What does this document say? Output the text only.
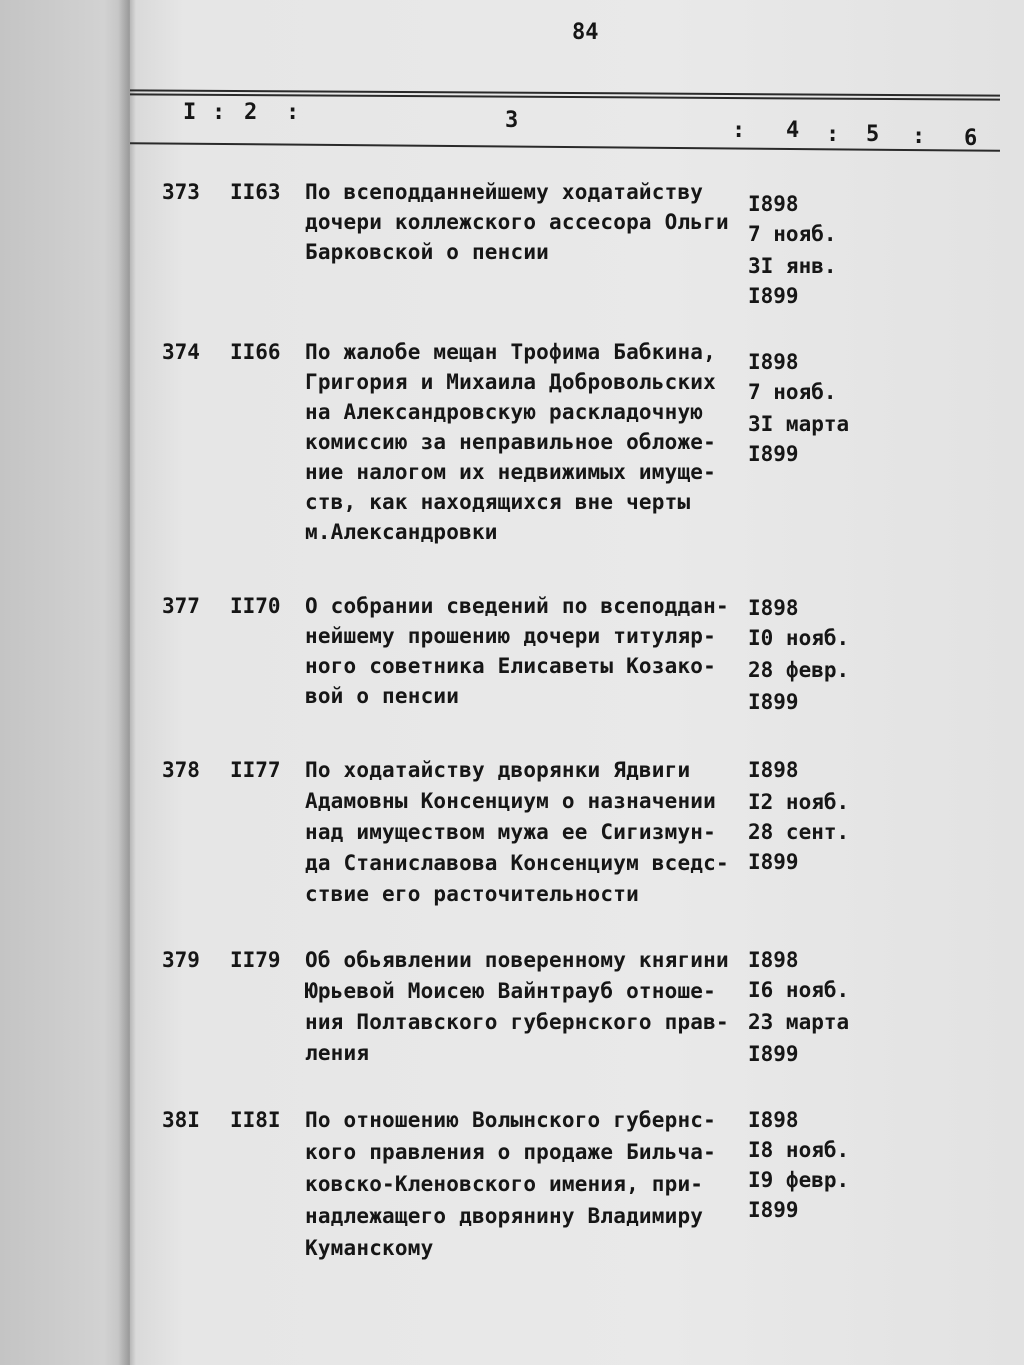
84
I : 2 :	3	: 4 : 5 : 6
373 II63 По всеподданнейшему ходатайству
дочери коллежского ассесора Ольги
Барковской о пенсии
I898
7 нояб.
3I янв.
I899
374 II66 По жалобе мещан Трофима Бабкина,
Григория и Михаила Добровольских
на Александровскую раскладочную
комиссию за неправильное обложе-
ние налогом их недвижимых имуще-
ств, как находящихся вне черты
м.Александровки
I898
7 нояб.
3I марта
I899
377 II70 О собрании сведений по всеподдан-
нейшему прошению дочери титуляр-
ного советника Елисаветы Козако-
вой о пенсии
I898
I0 нояб.
28 февр.
I899
378 II77 По ходатайству дворянки Ядвиги
Адамовны Консенциум о назначении
над имуществом мужа ее Сигизмун-
да Станиславова Консенциум вседс-
ствие его расточительности
I898
I2 нояб.
28 сент.
I899
379 II79 Об обьявлении поверенному княгини
Юрьевой Моисею Вайнтрауб отноше-
ния Полтавского губернского прав-
ления
I898
I6 нояб.
23 марта
I899
38I II8I По отношению Волынского губернс-
кого правления о продаже Бильча-
ковско-Кленовского имения, при-
надлежащего дворянину Владимиру
Куманскому
I898
I8 нояб.
I9 февр.
I899
